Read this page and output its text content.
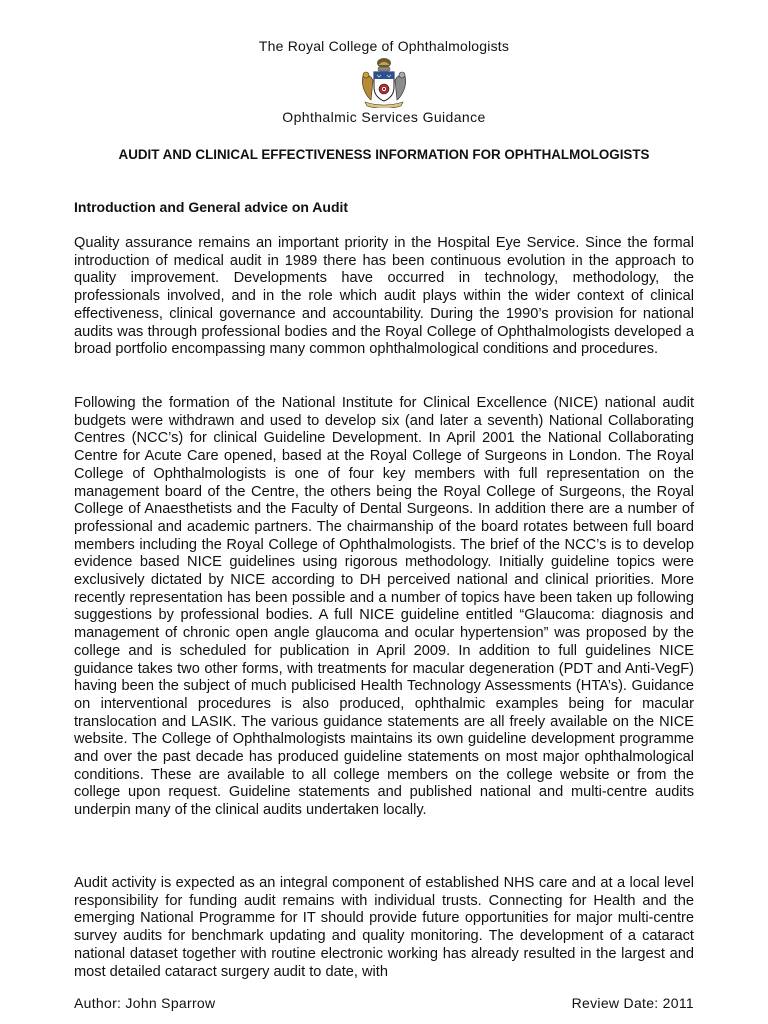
The Royal College of Ophthalmologists
Ophthalmic Services Guidance
AUDIT AND CLINICAL EFFECTIVENESS INFORMATION FOR OPHTHALMOLOGISTS
Introduction and General advice on Audit

Quality assurance remains an important priority in the Hospital Eye Service. Since the formal introduction of medical audit in 1989 there has been continuous evolution in the approach to quality improvement. Developments have occurred in technology, methodology, the professionals involved, and in the role which audit plays within the wider context of clinical effectiveness, clinical governance and accountability. During the 1990’s provision for national audits was through professional bodies and the Royal College of Ophthalmologists developed a broad portfolio encompassing many common ophthalmological conditions and procedures.

Following the formation of the National Institute for Clinical Excellence (NICE) national audit budgets were withdrawn and used to develop six (and later a seventh) National Collaborating Centres (NCC’s) for clinical Guideline Development. In April 2001 the National Collaborating Centre for Acute Care opened, based at the Royal College of Surgeons in London. The Royal College of Ophthalmologists is one of four key members with full representation on the management board of the Centre, the others being the Royal College of Surgeons, the Royal College of Anaesthetists and the Faculty of Dental Surgeons. In addition there are a number of professional and academic partners. The chairmanship of the board rotates between full board members including the Royal College of Ophthalmologists. The brief of the NCC’s is to develop evidence based NICE guidelines using rigorous methodology. Initially guideline topics were exclusively dictated by NICE according to DH perceived national and clinical priorities. More recently representation has been possible and a number of topics have been taken up following suggestions by professional bodies. A full NICE guideline entitled “Glaucoma: diagnosis and management of chronic open angle glaucoma and ocular hypertension” was proposed by the college and is scheduled for publication in April 2009. In addition to full guidelines NICE guidance takes two other forms, with treatments for macular degeneration (PDT and Anti-VegF) having been the subject of much publicised Health Technology Assessments (HTA’s). Guidance on interventional procedures is also produced, ophthalmic examples being for macular translocation and LASIK. The various guidance statements are all freely available on the NICE website. The College of Ophthalmologists maintains its own guideline development programme and over the past decade has produced guideline statements on most major ophthalmological conditions. These are available to all college members on the college website or from the college upon request. Guideline statements and published national and multi-centre audits underpin many of the clinical audits undertaken locally.

Audit activity is expected as an integral component of established NHS care and at a local level responsibility for funding audit remains with individual trusts. Connecting for Health and the emerging National Programme for IT should provide future opportunities for major multi-centre survey audits for benchmark updating and quality monitoring. The development of a cataract national dataset together with routine electronic working has already resulted in the largest and most detailed cataract surgery audit to date, with

Author: John Sparrow	Review Date: 2011
